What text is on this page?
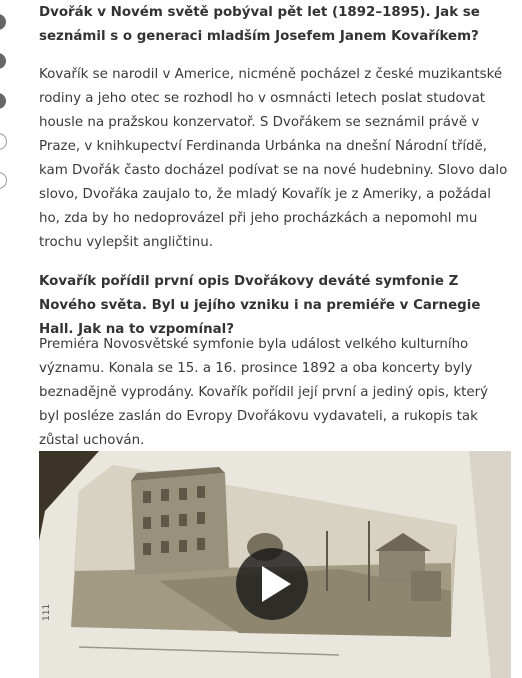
Dvořák v Novém světě pobýval pět let (1892–1895). Jak se seznámil s o generaci mladším Josefem Janem Kovaříkem?

Kovařík se narodil v Americe, nicméně pocházel z české muzikantské rodiny a jeho otec se rozhodl ho v osmnácti letech poslat studovat housle na pražskou konzervatoř. S Dvořákem se seznámil právě v Praze, v knihkupectví Ferdinanda Urbánka na dnešní Národní třídě, kam Dvořák často docházel podívat se na nové hudebniny. Slovo dalo slovo, Dvořáka zaujalo to, že mladý Kovařík je z Ameriky, a požádal ho, zda by ho nedoprovázel při jeho procházkách a nepomohl mu trochu vylepšit angličtinu.

Kovařík pořídil první opis Dvořákovy deváté symfonie Z Nového světa. Byl u jejího vzniku i na premiéře v Carnegie Hall. Jak na to vzpomínal?

Premiéra Novosvětské symfonie byla událost velkého kulturního významu. Konala se 15. a 16. prosince 1892 a oba koncerty byly beznadějně vyprodány. Kovařík pořídil její první a jediný opis, který byl posléze zaslán do Evropy Dvořákovu vydavateli, a rukopis tak zůstal uchován.

111
